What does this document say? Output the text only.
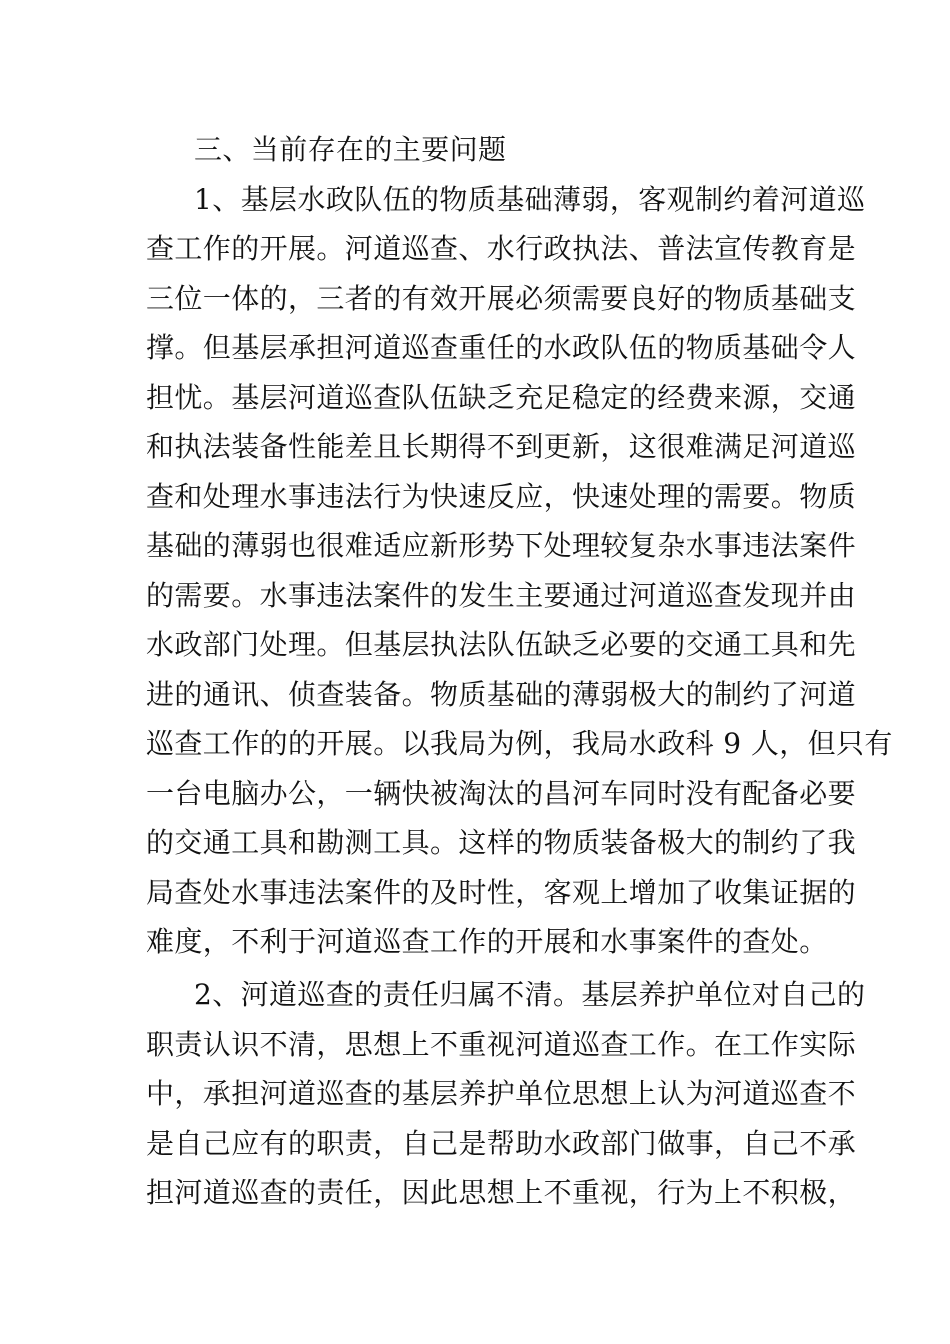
三、当前存在的主要问题
1、基层水政队伍的物质基础薄弱，客观制约着河道巡
查工作的开展。河道巡查、水行政执法、普法宣传教育是
三位一体的，三者的有效开展必须需要良好的物质基础支
撑。但基层承担河道巡查重任的水政队伍的物质基础令人
担忧。基层河道巡查队伍缺乏充足稳定的经费来源，交通
和执法装备性能差且长期得不到更新，这很难满足河道巡
查和处理水事违法行为快速反应，快速处理的需要。物质
基础的薄弱也很难适应新形势下处理较复杂水事违法案件
的需要。水事违法案件的发生主要通过河道巡查发现并由
水政部门处理。但基层执法队伍缺乏必要的交通工具和先
进的通讯、侦查装备。物质基础的薄弱极大的制约了河道
巡查工作的的开展。以我局为例，我局水政科 9 人，但只有
一台电脑办公，一辆快被淘汰的昌河车同时没有配备必要
的交通工具和勘测工具。这样的物质装备极大的制约了我
局查处水事违法案件的及时性，客观上增加了收集证据的
难度，不利于河道巡查工作的开展和水事案件的查处。
2、河道巡查的责任归属不清。基层养护单位对自己的
职责认识不清，思想上不重视河道巡查工作。在工作实际
中，承担河道巡查的基层养护单位思想上认为河道巡查不
是自己应有的职责，自己是帮助水政部门做事，自己不承
担河道巡查的责任，因此思想上不重视，行为上不积极，
